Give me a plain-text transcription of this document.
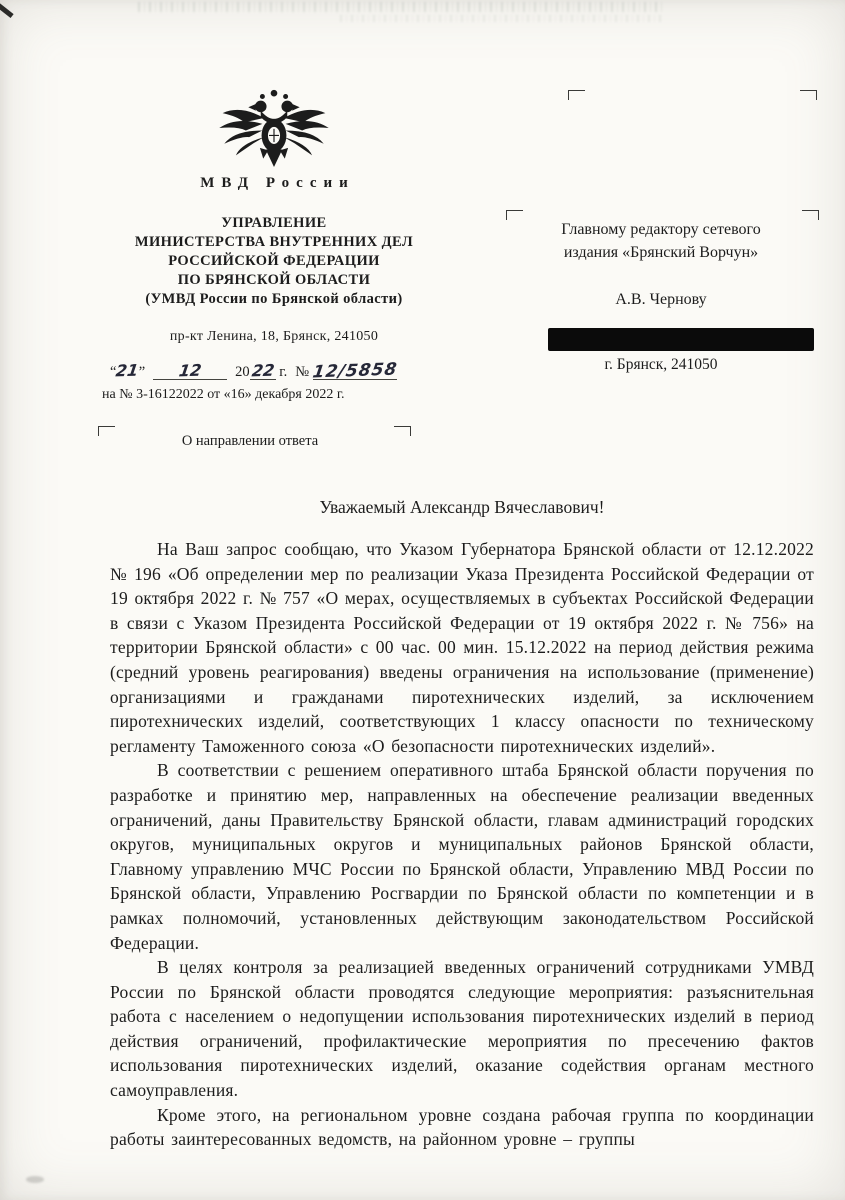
МВД России
УПРАВЛЕНИЕ
МИНИСТЕРСТВА ВНУТРЕННИХ ДЕЛ
РОССИЙСКОЙ ФЕДЕРАЦИИ
ПО БРЯНСКОЙ ОБЛАСТИ
(УМВД России по Брянской области)
пр-кт Ленина, 18, Брянск, 241050
“21” 12 2022 г. № 12/5858
на № 3-16122022 от «16» декабря 2022 г.
О направлении ответа
Главному редактору сетевого
издания «Брянский Ворчун»
А.В. Чернову
г. Брянск, 241050
Уважаемый Александр Вячеславович!

На Ваш запрос сообщаю, что Указом Губернатора Брянской области от 12.12.2022 № 196 «Об определении мер по реализации Указа Президента Российской Федерации от 19 октября 2022 г. № 757 «О мерах, осуществляемых в субъектах Российской Федерации в связи с Указом Президента Российской Федерации от 19 октября 2022 г. № 756» на территории Брянской области» с 00 час. 00 мин. 15.12.2022 на период действия режима (средний уровень реагирования) введены ограничения на использование (применение) организациями и гражданами пиротехнических изделий, за исключением пиротехнических изделий, соответствующих 1 классу опасности по техническому регламенту Таможенного союза «О безопасности пиротехнических изделий».

В соответствии с решением оперативного штаба Брянской области поручения по разработке и принятию мер, направленных на обеспечение реализации введенных ограничений, даны Правительству Брянской области, главам администраций городских округов, муниципальных округов и муниципальных районов Брянской области, Главному управлению МЧС России по Брянской области, Управлению МВД России по Брянской области, Управлению Росгвардии по Брянской области по компетенции и в рамках полномочий, установленных действующим законодательством Российской Федерации.

В целях контроля за реализацией введенных ограничений сотрудниками УМВД России по Брянской области проводятся следующие мероприятия: разъяснительная работа с населением о недопущении использования пиротехнических изделий в период действия ограничений, профилактические мероприятия по пресечению фактов использования пиротехнических изделий, оказание содействия органам местного самоуправления.

Кроме этого, на региональном уровне создана рабочая группа по координации работы заинтересованных ведомств, на районном уровне – группы
